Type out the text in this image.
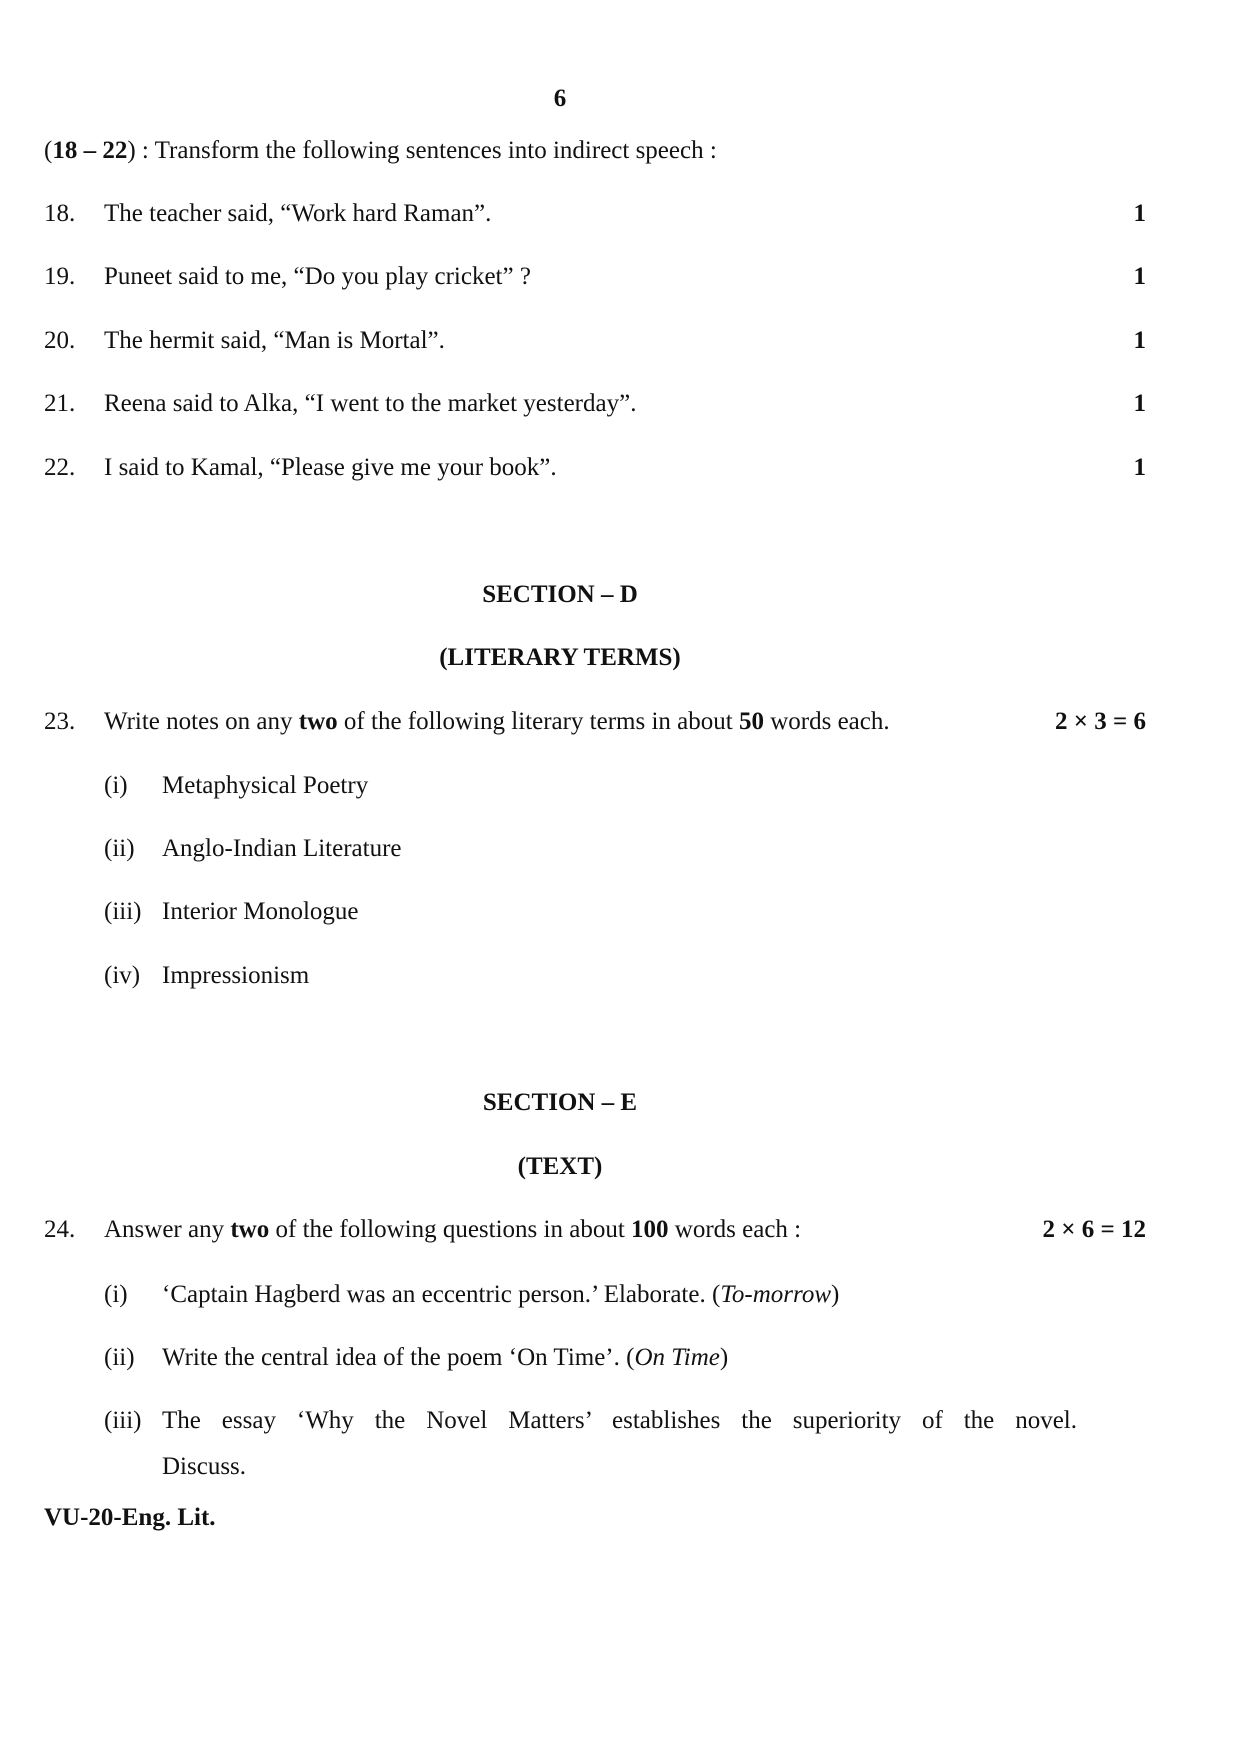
6
(18 – 22) : Transform the following sentences into indirect speech :
18. The teacher said, “Work hard Raman”.	1
19. Puneet said to me, “Do you play cricket” ?	1
20. The hermit said, “Man is Mortal”.	1
21. Reena said to Alka, “I went to the market yesterday”.	1
22. I said to Kamal, “Please give me your book”.	1
SECTION – D
(LITERARY TERMS)
23. Write notes on any two of the following literary terms in about 50 words each.	2 × 3 = 6
(i) Metaphysical Poetry
(ii) Anglo-Indian Literature
(iii) Interior Monologue
(iv) Impressionism
SECTION – E
(TEXT)
24. Answer any two of the following questions in about 100 words each :	2 × 6 = 12
(i) ‘Captain Hagberd was an eccentric person.’ Elaborate. (To-morrow)
(ii) Write the central idea of the poem ‘On Time’. (On Time)
(iii) The essay ‘Why the Novel Matters’ establishes the superiority of the novel.
Discuss.
VU-20-Eng. Lit.
